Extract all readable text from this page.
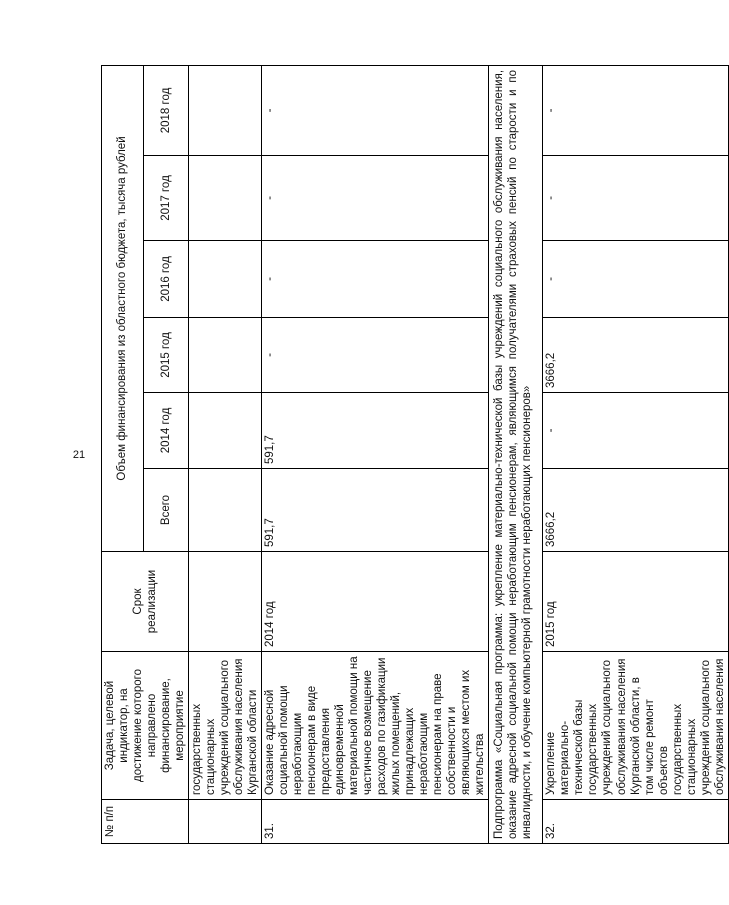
21
№ п/п	Задача, целевой индикатор, на достижение которого направлено финансирование, мероприятие	Срок реализации	Объем финансирования из областного бюджета, тысяча рублей					
			Всего	2014 год	2015 год	2016 год	2017 год	2018 год
	государственных стационарных учреждений социального обслуживания населения Курганской области							
31.	Оказание адресной социальной помощи неработающим пенсионерам в виде предоставления единовременной материальной помощи на частичное возмещение расходов по газификации жилых помещений, принадлежащих неработающим пенсионерам на праве собственности и являющихся местом их жительства	2014 год	591,7	591,7	-	-	-	-
Подпрограмма «Социальная программа: укрепление материально-технической базы учреждений социального обслуживания населения, оказание адресной социальной помощи неработающим пенсионерам, являющимся получателями страховых пенсий по старости и по инвалидности, и обучение компьютерной грамотности неработающих пенсионеров»								
32.	Укрепление материально-технической базы государственных учреждений социального обслуживания населения Курганской области, в том числе ремонт объектов государственных стационарных учреждений социального обслуживания населения	2015 год	3666,2	-	3666,2	-	-	-
